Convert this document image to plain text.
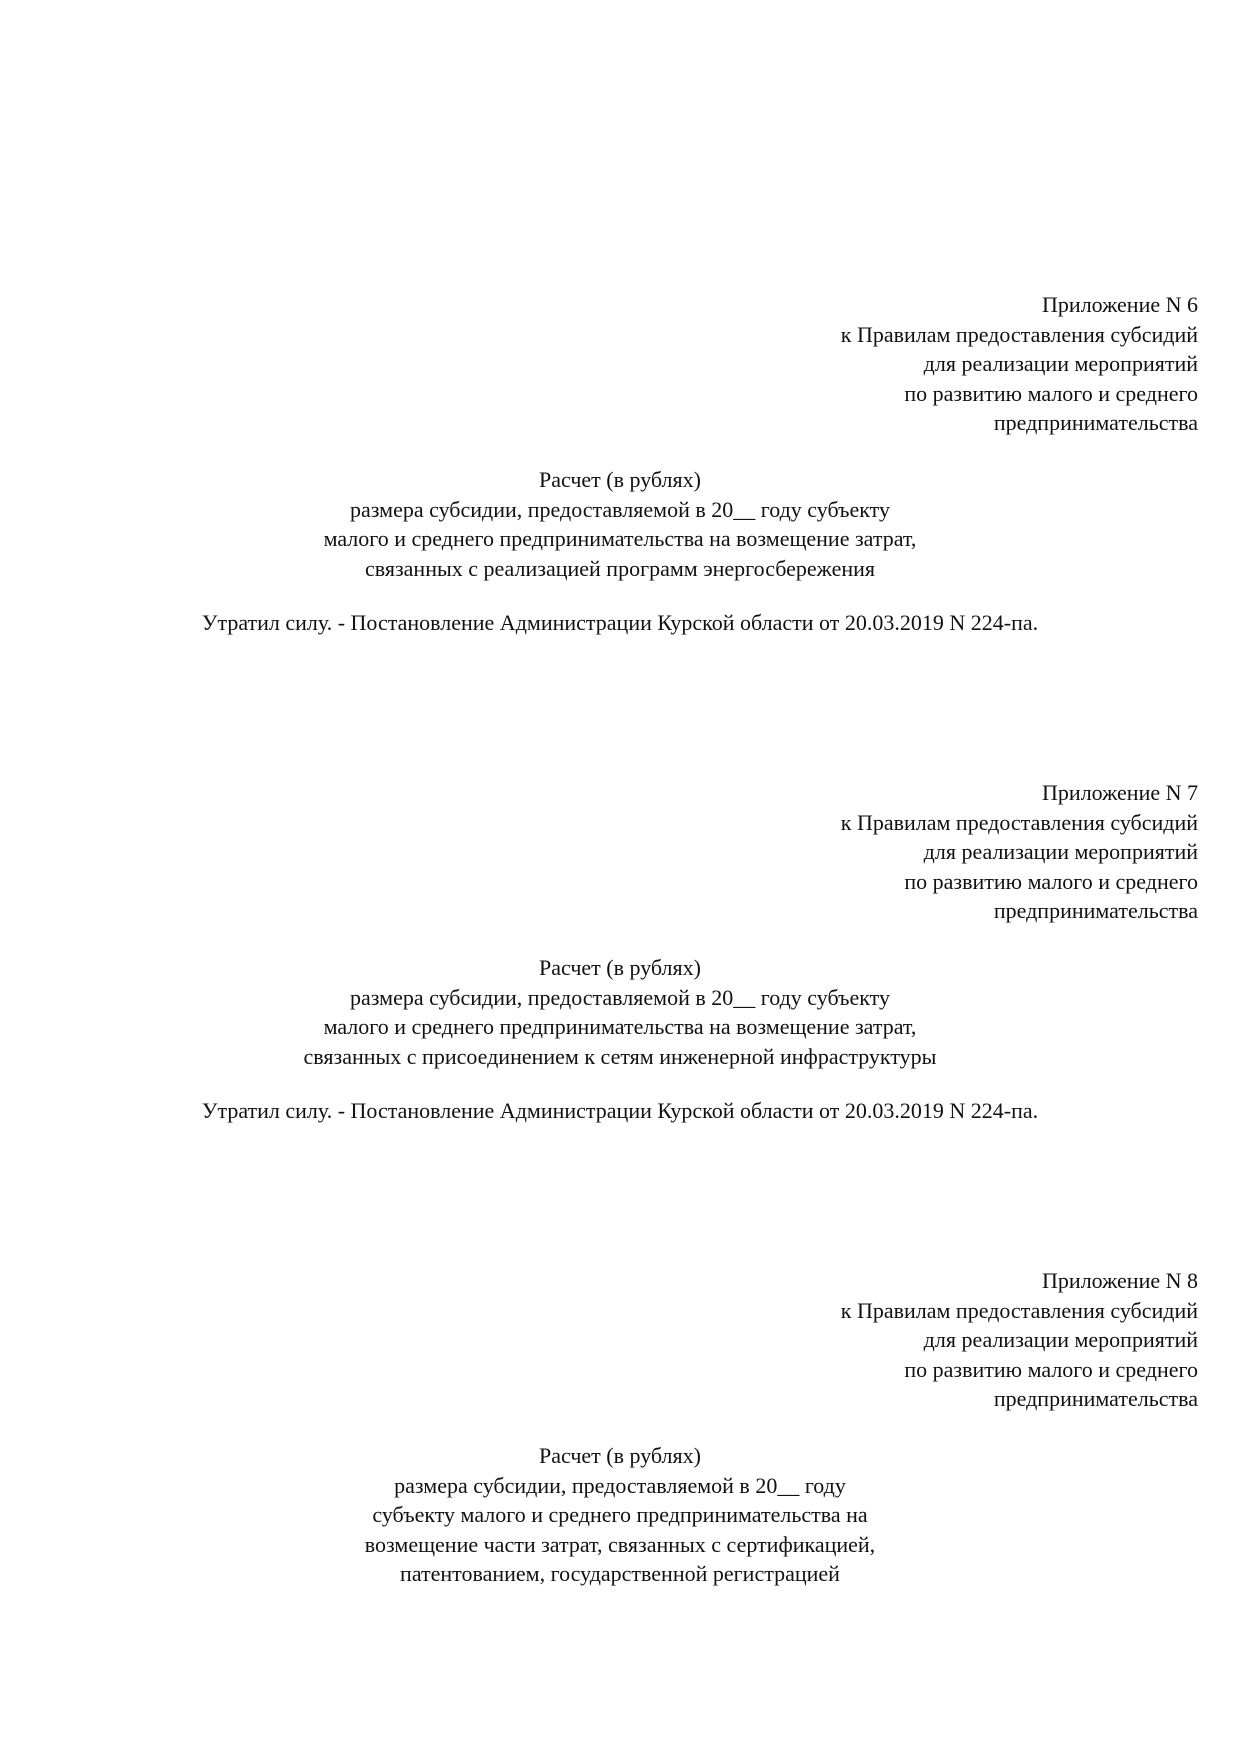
Приложение N 6
к Правилам предоставления субсидий
для реализации мероприятий
по развитию малого и среднего
предпринимательства
Расчет (в рублях)
размера субсидии, предоставляемой в 20__ году субъекту
малого и среднего предпринимательства на возмещение затрат,
связанных с реализацией программ энергосбережения
Утратил силу. - Постановление Администрации Курской области от 20.03.2019 N 224-па.
Приложение N 7
к Правилам предоставления субсидий
для реализации мероприятий
по развитию малого и среднего
предпринимательства
Расчет (в рублях)
размера субсидии, предоставляемой в 20__ году субъекту
малого и среднего предпринимательства на возмещение затрат,
связанных с присоединением к сетям инженерной инфраструктуры
Утратил силу. - Постановление Администрации Курской области от 20.03.2019 N 224-па.
Приложение N 8
к Правилам предоставления субсидий
для реализации мероприятий
по развитию малого и среднего
предпринимательства
Расчет (в рублях)
размера субсидии, предоставляемой в 20__ году
субъекту малого и среднего предпринимательства на
возмещение части затрат, связанных с сертификацией,
патентованием, государственной регистрацией
